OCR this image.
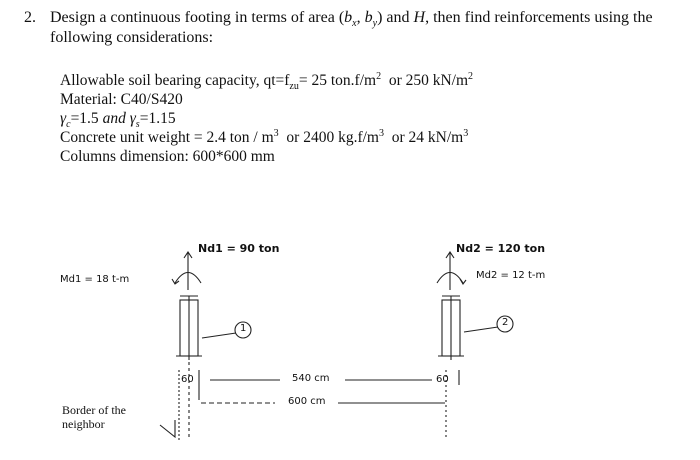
2. Design a continuous footing in terms of area ($b_x$, $b_y$) and H, then find reinforcements using the following considerations:
Allowable soil bearing capacity, $qt=f_{zu}= 25$ $ton.f/m^2$  or 250 $kN/m^2$
Material: C40/S420
$\gamma_c=1.5$ and $\gamma_s=1.15$
Concrete unit weight = 2.4 ton / $m^3$  or 2400 $kg.f/m^3$  or 24 $kN/m^3$
Columns dimension: 600*600 mm
Nd1 = 90 ton
Md1 = 18 t-m
Nd2 = 120 ton
Md2 = 12 t-m
1
2
60	60
540 cm
600 cm
Border of the
neighbor
